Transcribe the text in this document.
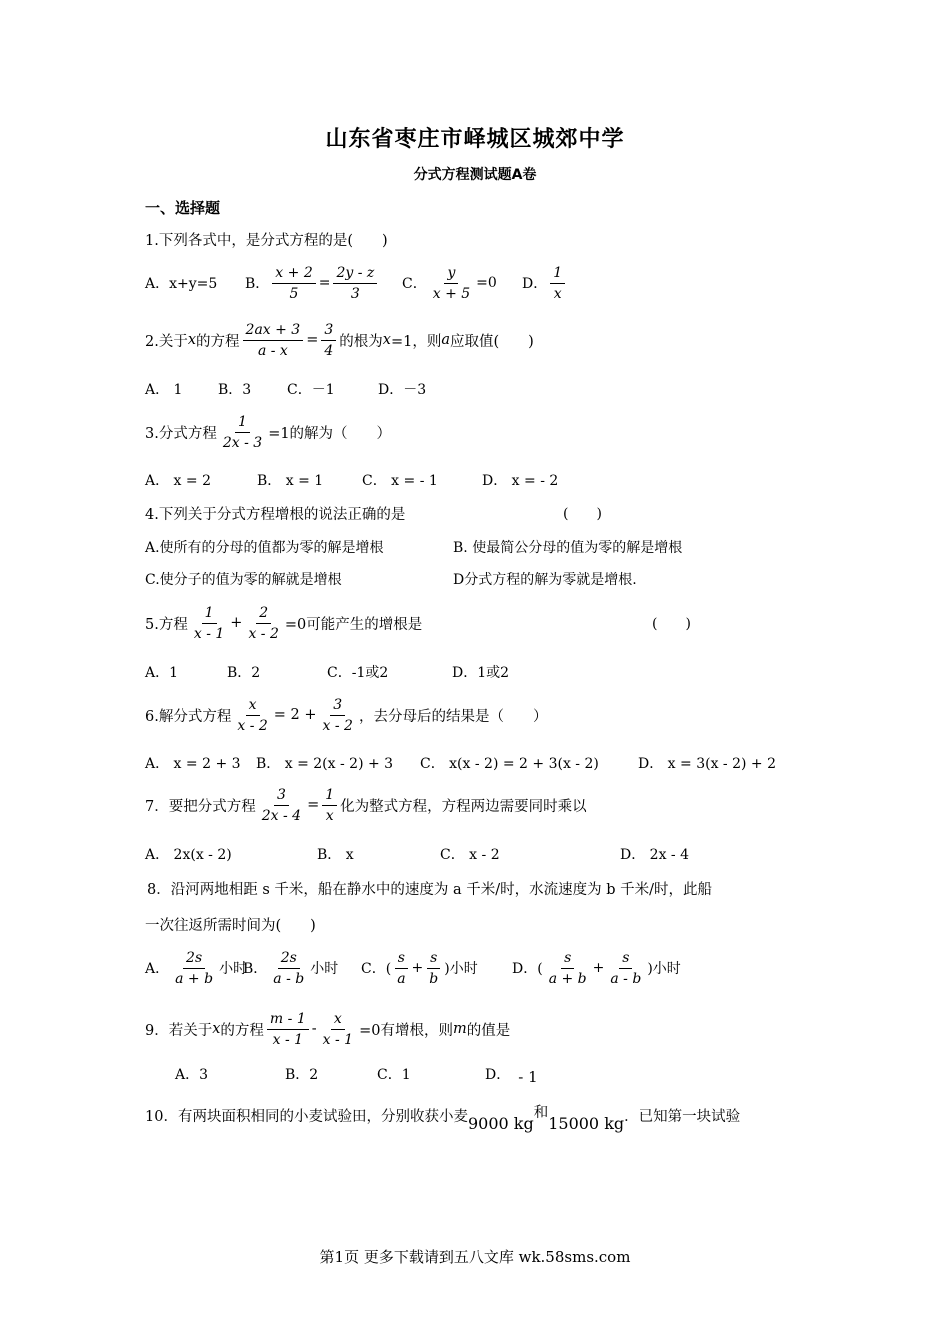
山东省枣庄市峄城区城郊中学
分式方程测试题A卷
一、选择题
1.下列各式中，是分式方程的是(　　)
A．x+y=5 B． $\frac{x + 2}{5} = \frac{2y - z}{3}$ C． $\frac{y}{x + 5} =0$ D． $\frac{1}{x}$
2.关于 x 的方程 $\frac{2ax + 3}{a - x} = \frac{3}{4}$ 的根为 x =1，则 a 应取值(　　)
A． 1	B．3	C．－1	D．－3
3.分式方程 $\frac{1}{2x - 3} =1$的解为（　　）
A． x = 2	B． x = 1	C． x = - 1	D． x = - 2
4.下列关于分式方程增根的说法正确的是	(　　)
A.使所有的分母的值都为零的解是增根	B. 使最简公分母的值为零的解是增根
C.使分子的值为零的解就是增根	D分式方程的解为零就是增根.
5.方程 $\frac{1}{x - 1} + \frac{2}{x - 2} =0$可能产生的增根是	(　　)
A．1	B．2	C．-1或2	D．1或2
6.解分式方程 $\frac{x}{x - 2} = 2 + \frac{3}{x - 2}$ ，去分母后的结果是（　　）
A． x = 2 + 3 B． x = 2(x - 2) + 3 C． x(x - 2) = 2 + 3(x - 2)	D． x = 3(x - 2) + 2
7．要把分式方程 $\frac{3}{2x - 4} = \frac{1}{x}$ 化为整式方程，方程两边需要同时乘以
A． 2x(x - 2)	B． x	C． x - 2	D． 2x - 4
8．沿河两地相距 s 千米，船在静水中的速度为 a 千米/时，水流速度为 b 千米/时，此船
一次往返所需时间为(　　)
A． $\frac{2s}{a + b}$ 小时
B． $\frac{2s}{a - b}$ 小时 C．( $\frac{s}{a} + \frac{s}{b}$ )小时 D．( $\frac{s}{a + b} + \frac{s}{a - b}$ )小时
9．若关于 x 的方程 $\frac{m - 1}{x - 1} - \frac{x}{x - 1} =0$有增根，则 m 的值是
A．3	B．2	C．1	D． - 1
10．有两块面积相同的小麦试验田，分别收获小麦 9000 kg
和
15000 kg ．已知第一块试验
第1页 更多下载请到五八文库 wk.58sms.com
